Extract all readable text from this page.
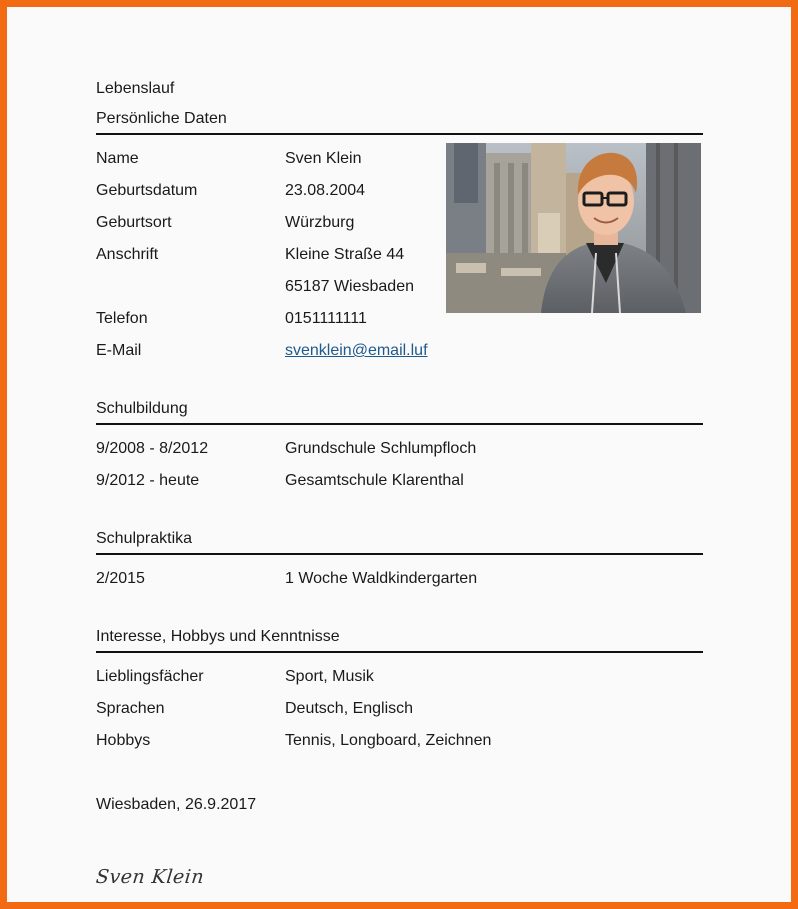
Lebenslauf
Persönliche Daten
Name	Sven Klein
Geburtsdatum	23.08.2004
Geburtsort	Würzburg
Anschrift	Kleine Straße 44
65187 Wiesbaden
Telefon	0151111111
E-Mail	svenklein@email.luf
Schulbildung
9/2008 - 8/2012	Grundschule Schlumpfloch
9/2012 - heute	Gesamtschule Klarenthal
Schulpraktika
2/2015	1 Woche Waldkindergarten
Interesse, Hobbys und Kenntnisse
Lieblingsfächer	Sport, Musik
Sprachen	Deutsch, Englisch
Hobbys	Tennis, Longboard, Zeichnen
Wiesbaden, 26.9.2017
Sven Klein
